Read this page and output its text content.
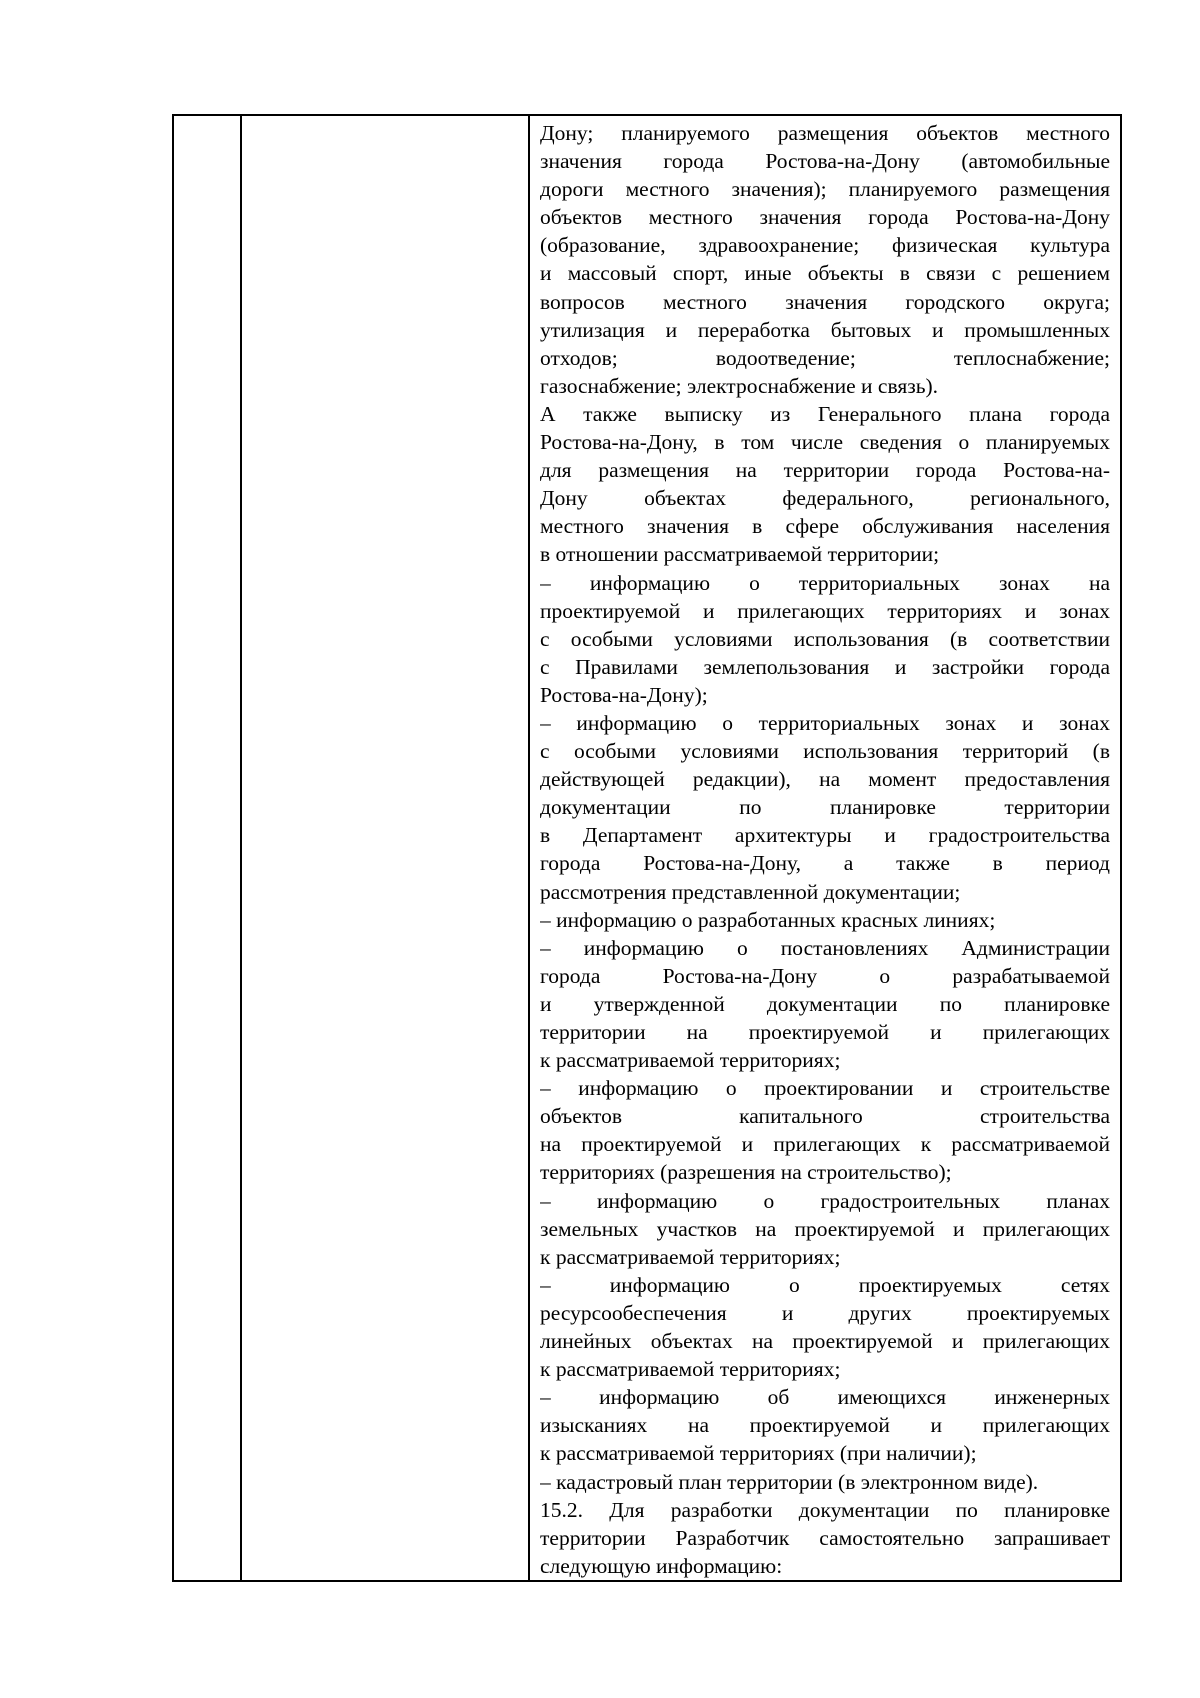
Дону; планируемого размещения объектов местного
значения города Ростова-на-Дону (автомобильные
дороги местного значения); планируемого размещения
объектов местного значения города Ростова-на-Дону
(образование, здравоохранение; физическая культура
и массовый спорт, иные объекты в связи с решением
вопросов местного значения городского округа;
утилизация и переработка бытовых и промышленных
отходов; водоотведение; теплоснабжение;
газоснабжение; электроснабжение и связь).
А также выписку из Генерального плана города
Ростова-на-Дону, в том числе сведения о планируемых
для размещения на территории города Ростова-на-
Дону объектах федерального, регионального,
местного значения в сфере обслуживания населения
в отношении рассматриваемой территории;
– информацию о территориальных зонах на
проектируемой и прилегающих территориях и зонах
с особыми условиями использования (в соответствии
с Правилами землепользования и застройки города
Ростова-на-Дону);
– информацию о территориальных зонах и зонах
с особыми условиями использования территорий (в
действующей редакции), на момент предоставления
документации по планировке территории
в Департамент архитектуры и градостроительства
города Ростова-на-Дону, а также в период
рассмотрения представленной документации;
– информацию о разработанных красных линиях;
– информацию о постановлениях Администрации
города Ростова-на-Дону о разрабатываемой
и утвержденной документации по планировке
территории на проектируемой и прилегающих
к рассматриваемой территориях;
– информацию о проектировании и строительстве
объектов капитального строительства
на проектируемой и прилегающих к рассматриваемой
территориях (разрешения на строительство);
– информацию о градостроительных планах
земельных участков на проектируемой и прилегающих
к рассматриваемой территориях;
– информацию о проектируемых сетях
ресурсообеспечения и других проектируемых
линейных объектах на проектируемой и прилегающих
к рассматриваемой территориях;
– информацию об имеющихся инженерных
изысканиях на проектируемой и прилегающих
к рассматриваемой территориях (при наличии);
– кадастровый план территории (в электронном виде).
15.2. Для разработки документации по планировке
территории Разработчик самостоятельно запрашивает
следующую информацию:
